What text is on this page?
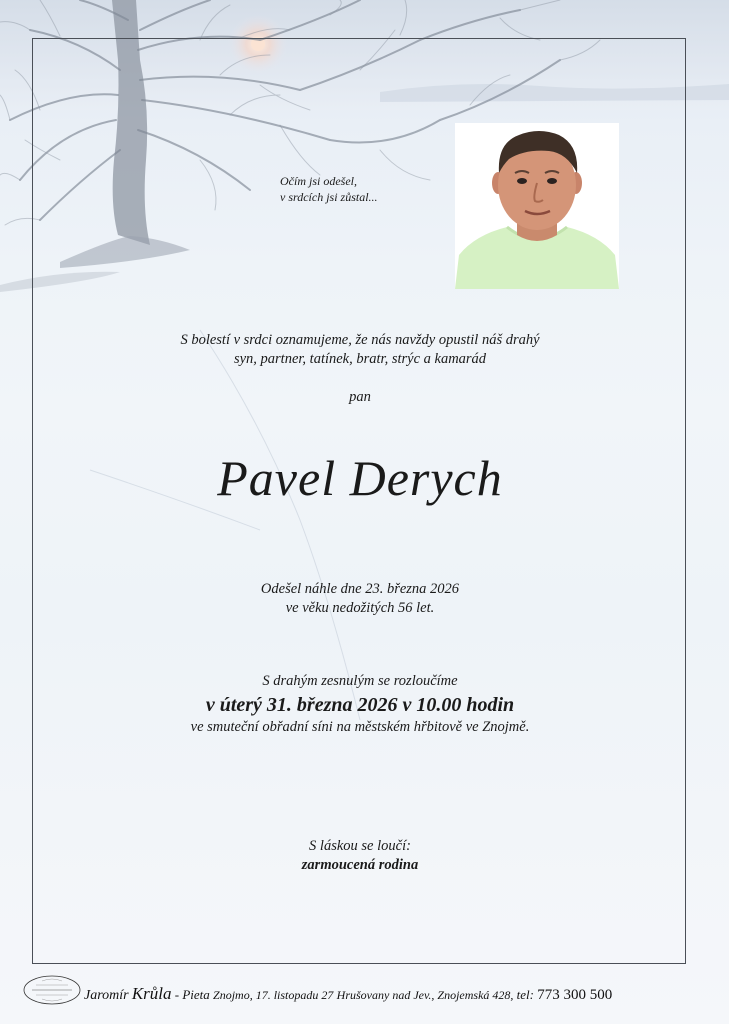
Očím jsi odešel,
v srdcích jsi zůstal...
S bolestí v srdci oznamujeme, že nás navždy opustil náš drahý
syn, partner, tatínek, bratr, strýc a kamarád
pan
Pavel Derych
Odešel náhle dne 23. března 2026
ve věku nedožitých 56 let.
S drahým zesnulým se rozloučíme
v úterý 31. března 2026 v 10.00 hodin
ve smuteční obřadní síni na městském hřbitově ve Znojmě.
S láskou se loučí:
zarmoucená rodina
Jaromír Krůla - Pieta Znojmo, 17. listopadu 27 Hrušovany nad Jev., Znojemská 428, tel: 773 300 500
